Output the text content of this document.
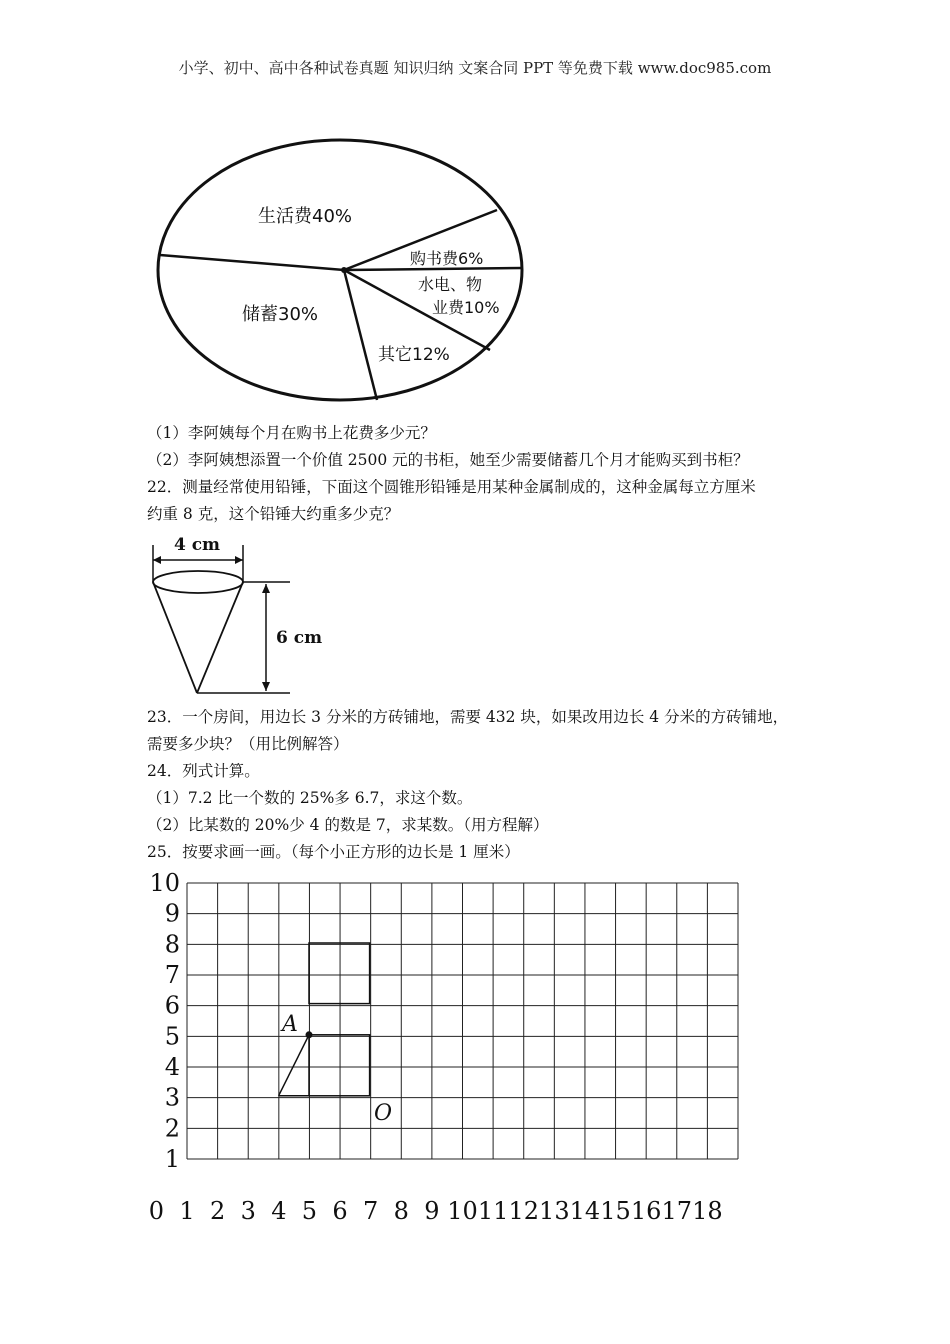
小学、初中、高中各种试卷真题 知识归纳 文案合同 PPT 等免费下载 www.doc985.com
生活费40%
购书费6%
水电、物
业费10%
其它12%
储蓄30%
（1）李阿姨每个月在购书上花费多少元？
（2）李阿姨想添置一个价值 2500 元的书柜，她至少需要储蓄几个月才能购买到书柜？
22．测量经常使用铅锤，下面这个圆锥形铅锤是用某种金属制成的，这种金属每立方厘米
约重 8 克，这个铅锤大约重多少克？
4 cm
6 cm
23．一个房间，用边长 3 分米的方砖铺地，需要 432 块，如果改用边长 4 分米的方砖铺地，
需要多少块？（用比例解答）
24．列式计算。
（1）7.2 比一个数的 25%多 6.7，求这个数。
（2）比某数的 20%少 4 的数是 7，求某数。（用方程解）
25．按要求画一画。（每个小正方形的边长是 1 厘米）
1
2
3
4
5
6
7
8
9
10
0 1 2 3 4 5 6 7 8 9 10 11 12 13 14 15 16 17 18
A
O
